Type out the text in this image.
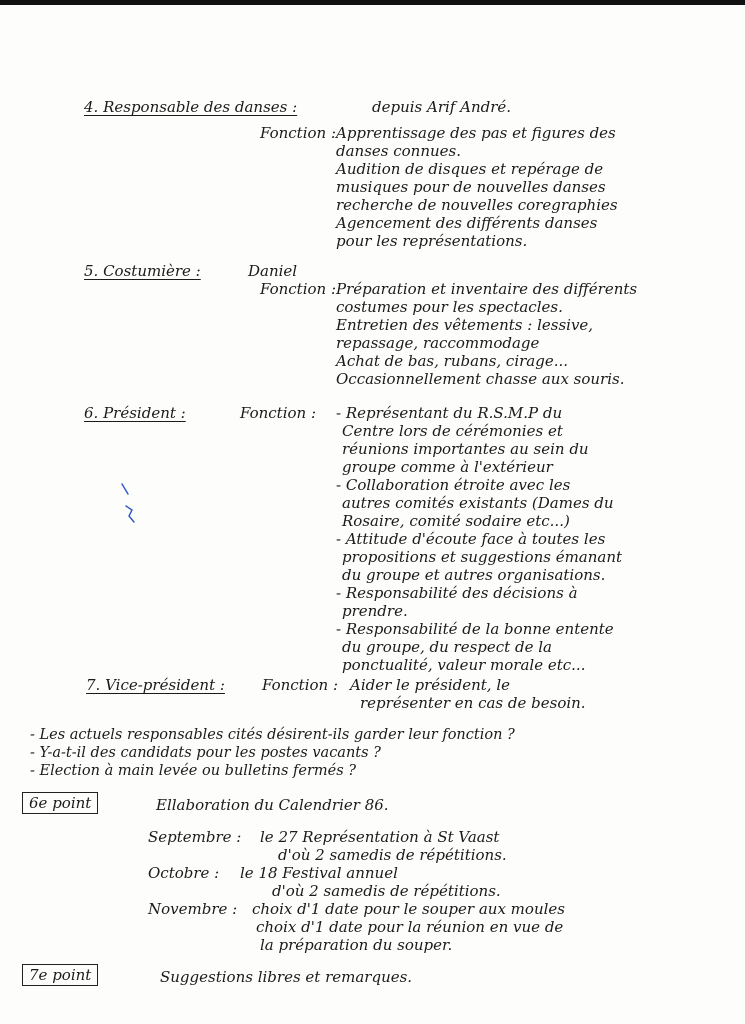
4. Responsable des danses :	depuis Arif André.
Fonction : Apprentissage des pas et figures des
danses connues.
Audition de disques et repérage de
musiques pour de nouvelles danses
recherche de nouvelles coregraphies
Agencement des différents danses
pour les représentations.
5. Costumière :	Daniel
Fonction : Préparation et inventaire des différents
costumes pour les spectacles.
Entretien des vêtements : lessive,
repassage, raccommodage
Achat de bas, rubans, cirage...
Occasionnellement chasse aux souris.
6. Président :	Fonction : - Représentant du R.S.M.P du
Centre lors de cérémonies et
réunions importantes au sein du
groupe comme à l'extérieur
- Collaboration étroite avec les
autres comités existants (Dames du
Rosaire, comité sodaire etc...)
- Attitude d'écoute face à toutes les
propositions et suggestions émanant
du groupe et autres organisations.
- Responsabilité des décisions à
prendre.
- Responsabilité de la bonne entente
du groupe, du respect de la
ponctualité, valeur morale etc...
7. Vice-président : Fonction : Aider le président, le
représenter en cas de besoin.
- Les actuels responsables cités désirent-ils garder leur fonction ?
- Y-a-t-il des candidats pour les postes vacants ?
- Election à main levée ou bulletins fermés ?
6e point	Ellaboration du Calendrier 86.
Septembre : le 27 Représentation à St Vaast
d'où 2 samedis de répétitions.
Octobre : le 18 Festival annuel
d'où 2 samedis de répétitions.
Novembre : choix d'1 date pour le souper aux moules
choix d'1 date pour la réunion en vue de
la préparation du souper.
7e point	Suggestions libres et remarques.
